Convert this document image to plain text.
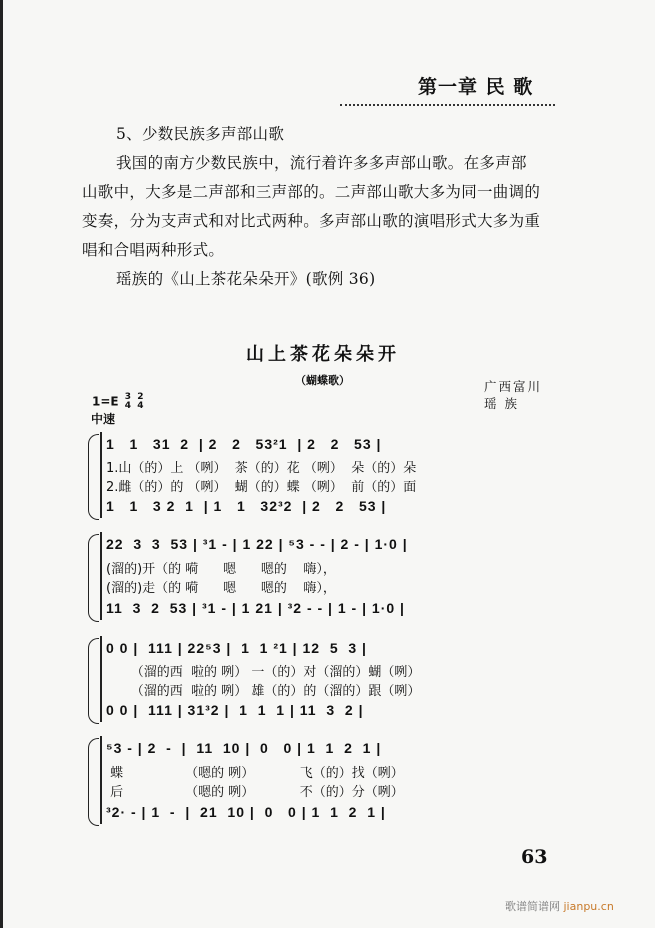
第一章 民 歌
5、少数民族多声部山歌
我国的南方少数民族中，流行着许多多声部山歌。在多声部
山歌中，大多是二声部和三声部的。二声部山歌大多为同一曲调的
变奏，分为支声式和对比式两种。多声部山歌的演唱形式大多为重
唱和合唱两种形式。
瑶族的《山上茶花朵朵开》(歌例 36)
山上茶花朵朵开
（蝴蝶歌）	广西富川
瑶 族
1=E 3
4

2
4
中速
1   1   31  2  | 2   2   53²1  | 2   2   53 |
1.山（的）上 （咧）  茶（的）花 （咧）  朵（的）朵
2.雌（的）的 （咧）  蝴（的）蝶 （咧）  前（的）面
1   1   3 2  1  | 1   1   32³2  | 2   2   53 |
22  3  3  53 | ³1 - | 1 22 | ⁵3 - - | 2 - | 1·0 |
(溜的)开（的 嗬      嗯      嗯的    嗨），
(溜的)走（的 嗬      嗯      嗯的    嗨），
11  3  2  53 | ³1 - | 1 21 | ³2 - - | 1 - | 1·0 |
0 0 |  111 | 22⁵3 |  1  1 ²1 | 12  5  3 |
（溜的西  啦的 咧） 一（的）对（溜的）蝴（咧）
（溜的西  啦的 咧） 雄（的）的（溜的）跟（咧）
0 0 |  111 | 31³2 |  1  1  1 | 11  3  2 |
⁵3 - | 2  -  |  11  10 |  0   0 | 1  1  2  1 |
蝶               （嗯的 咧）           飞（的）找（咧）
后               （嗯的 咧）           不（的）分（咧）
³2· - | 1  -  |  21  10 |  0   0 | 1  1  2  1 |
63
歌谱简谱网 jianpu.cn
